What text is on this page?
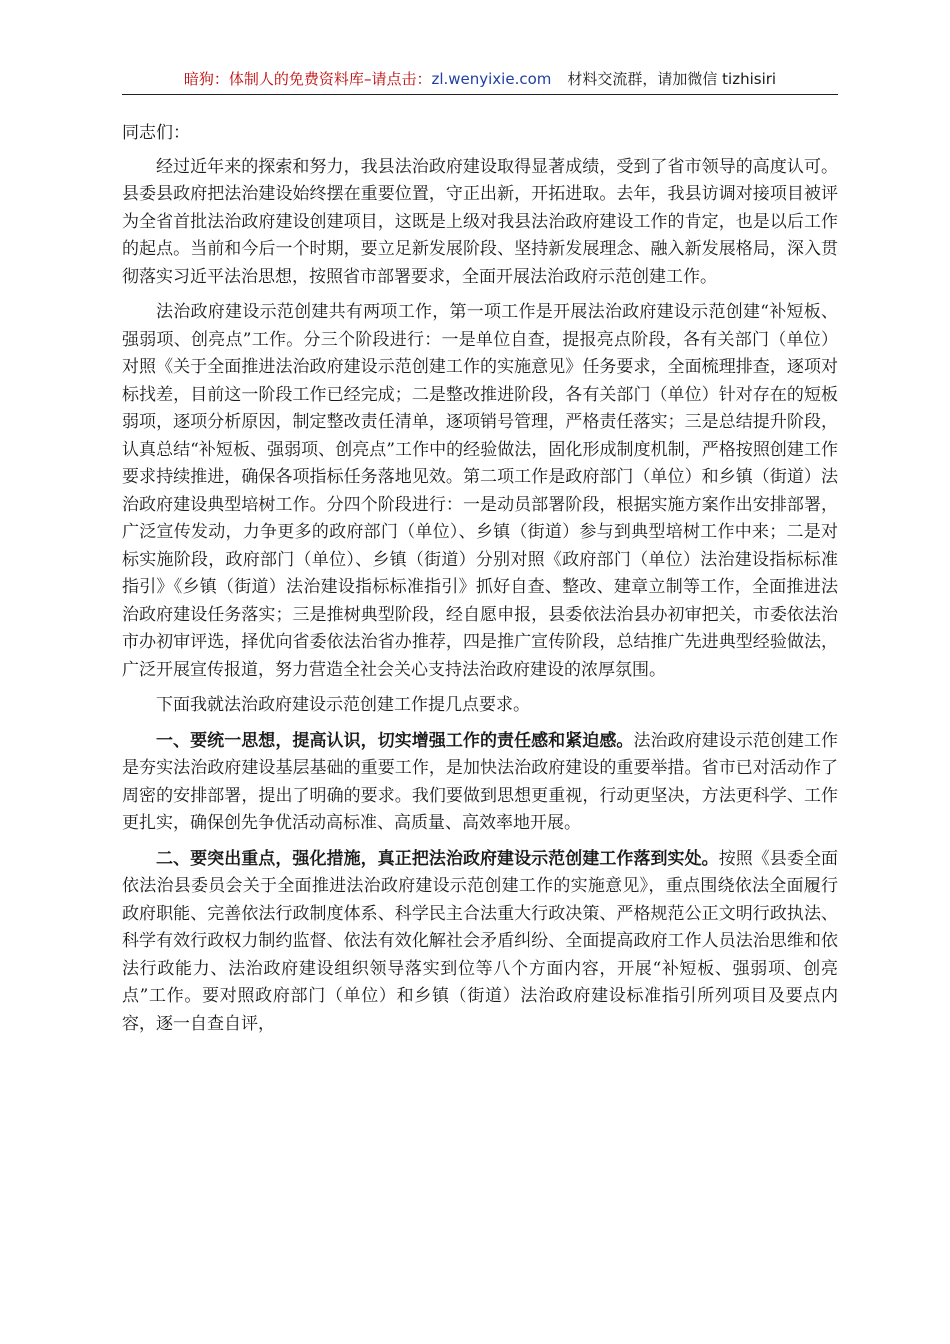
暗狗：体制人的免费资料库–请点击：zl.wenyixie.com 材料交流群，请加微信 tizhisiri

同志们：

经过近年来的探索和努力，我县法治政府建设取得显著成绩，受到了省市领导的高度认可。县委县政府把法治建设始终摆在重要位置，守正出新，开拓进取。去年，我县访调对接项目被评为全省首批法治政府建设创建项目，这既是上级对我县法治政府建设工作的肯定，也是以后工作的起点。当前和今后一个时期，要立足新发展阶段、坚持新发展理念、融入新发展格局，深入贯彻落实习近平法治思想，按照省市部署要求，全面开展法治政府示范创建工作。

法治政府建设示范创建共有两项工作，第一项工作是开展法治政府建设示范创建“补短板、强弱项、创亮点”工作。分三个阶段进行：一是单位自查，提报亮点阶段，各有关部门（单位）对照《关于全面推进法治政府建设示范创建工作的实施意见》任务要求，全面梳理排查，逐项对标找差，目前这一阶段工作已经完成；二是整改推进阶段，各有关部门（单位）针对存在的短板弱项，逐项分析原因，制定整改责任清单，逐项销号管理，严格责任落实；三是总结提升阶段，认真总结“补短板、强弱项、创亮点”工作中的经验做法，固化形成制度机制，严格按照创建工作要求持续推进，确保各项指标任务落地见效。第二项工作是政府部门（单位）和乡镇（街道）法治政府建设典型培树工作。分四个阶段进行：一是动员部署阶段，根据实施方案作出安排部署，广泛宣传发动，力争更多的政府部门（单位）、乡镇（街道）参与到典型培树工作中来；二是对标实施阶段，政府部门（单位）、乡镇（街道）分别对照《政府部门（单位）法治建设指标标准指引》《乡镇（街道）法治建设指标标准指引》抓好自查、整改、建章立制等工作，全面推进法治政府建设任务落实；三是推树典型阶段，经自愿申报，县委依法治县办初审把关，市委依法治市办初审评选，择优向省委依法治省办推荐，四是推广宣传阶段，总结推广先进典型经验做法，广泛开展宣传报道，努力营造全社会关心支持法治政府建设的浓厚氛围。

下面我就法治政府建设示范创建工作提几点要求。

一、要统一思想，提高认识，切实增强工作的责任感和紧迫感。法治政府建设示范创建工作是夯实法治政府建设基层基础的重要工作，是加快法治政府建设的重要举措。省市已对活动作了周密的安排部署，提出了明确的要求。我们要做到思想更重视，行动更坚决，方法更科学、工作更扎实，确保创先争优活动高标准、高质量、高效率地开展。

二、要突出重点，强化措施，真正把法治政府建设示范创建工作落到实处。按照《县委全面依法治县委员会关于全面推进法治政府建设示范创建工作的实施意见》，重点围绕依法全面履行政府职能、完善依法行政制度体系、科学民主合法重大行政决策、严格规范公正文明行政执法、科学有效行政权力制约监督、依法有效化解社会矛盾纠纷、全面提高政府工作人员法治思维和依法行政能力、法治政府建设组织领导落实到位等八个方面内容，开展“补短板、强弱项、创亮点”工作。要对照政府部门（单位）和乡镇（街道）法治政府建设标准指引所列项目及要点内容，逐一自查自评，
